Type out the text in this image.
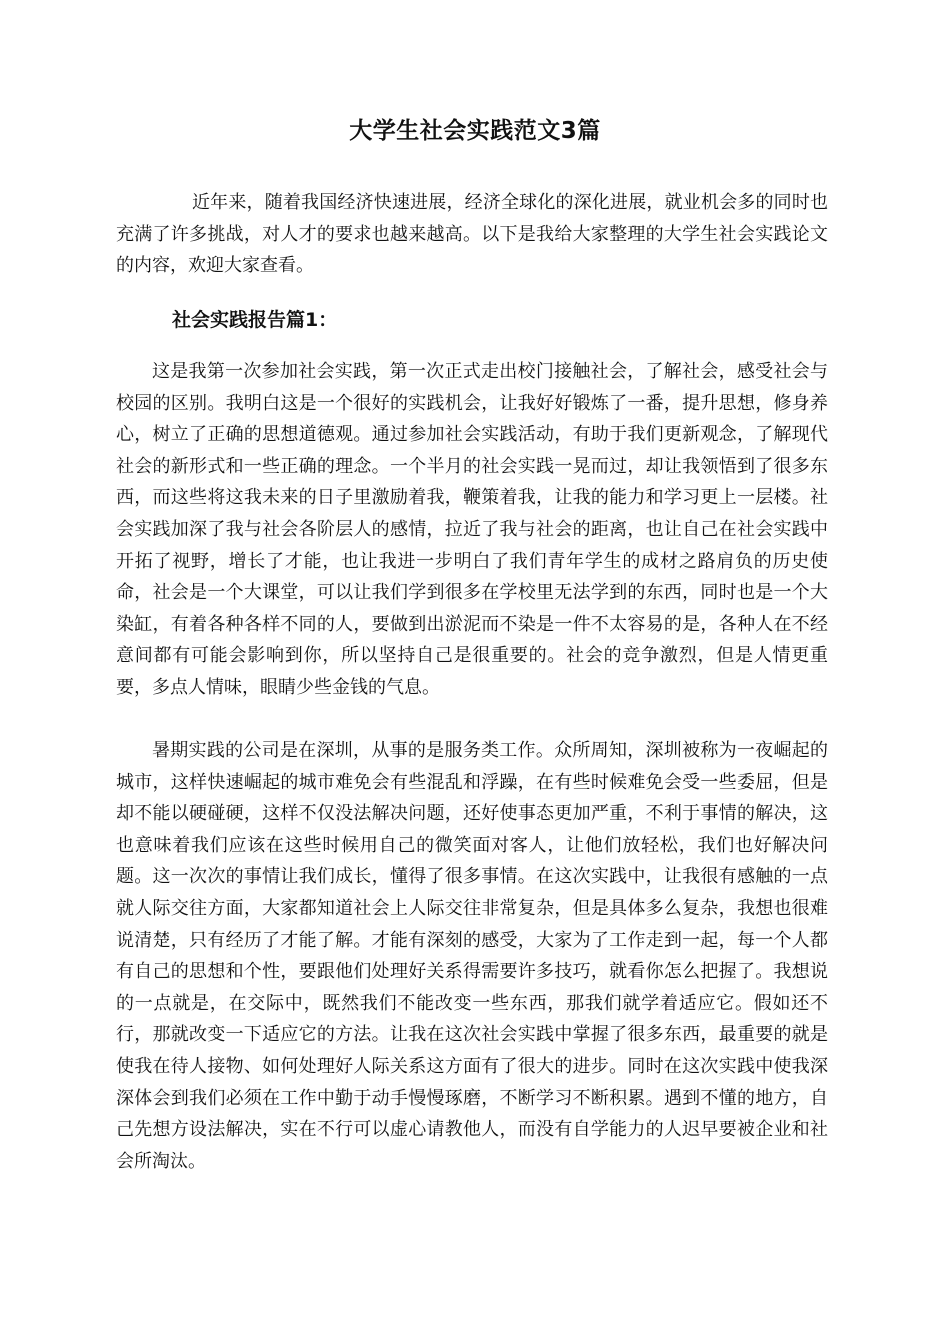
大学生社会实践范文3篇

近年来，随着我国经济快速进展，经济全球化的深化进展，就业机会多的同时也充满了许多挑战，对人才的要求也越来越高。以下是我给大家整理的大学生社会实践论文的内容，欢迎大家查看。

社会实践报告篇1：

这是我第一次参加社会实践，第一次正式走出校门接触社会，了解社会，感受社会与校园的区别。我明白这是一个很好的实践机会，让我好好锻炼了一番，提升思想，修身养心，树立了正确的思想道德观。通过参加社会实践活动，有助于我们更新观念，了解现代社会的新形式和一些正确的理念。一个半月的社会实践一晃而过，却让我领悟到了很多东西，而这些将这我未来的日子里激励着我，鞭策着我，让我的能力和学习更上一层楼。社会实践加深了我与社会各阶层人的感情，拉近了我与社会的距离，也让自己在社会实践中开拓了视野，增长了才能，也让我进一步明白了我们青年学生的成材之路肩负的历史使命，社会是一个大课堂，可以让我们学到很多在学校里无法学到的东西，同时也是一个大染缸，有着各种各样不同的人，要做到出淤泥而不染是一件不太容易的是，各种人在不经意间都有可能会影响到你，所以坚持自己是很重要的。社会的竞争激烈，但是人情更重要，多点人情味，眼睛少些金钱的气息。

暑期实践的公司是在深圳，从事的是服务类工作。众所周知，深圳被称为一夜崛起的城市，这样快速崛起的城市难免会有些混乱和浮躁，在有些时候难免会受一些委屈，但是却不能以硬碰硬，这样不仅没法解决问题，还好使事态更加严重，不利于事情的解决，这也意味着我们应该在这些时候用自己的微笑面对客人，让他们放轻松，我们也好解决问题。这一次次的事情让我们成长，懂得了很多事情。在这次实践中，让我很有感触的一点就人际交往方面，大家都知道社会上人际交往非常复杂，但是具体多么复杂，我想也很难说清楚，只有经历了才能了解。才能有深刻的感受，大家为了工作走到一起，每一个人都有自己的思想和个性，要跟他们处理好关系得需要许多技巧，就看你怎么把握了。我想说的一点就是，在交际中，既然我们不能改变一些东西，那我们就学着适应它。假如还不行，那就改变一下适应它的方法。让我在这次社会实践中掌握了很多东西，最重要的就是使我在待人接物、如何处理好人际关系这方面有了很大的进步。同时在这次实践中使我深深体会到我们必须在工作中勤于动手慢慢琢磨，不断学习不断积累。遇到不懂的地方，自己先想方设法解决，实在不行可以虚心请教他人，而没有自学能力的人迟早要被企业和社会所淘汰。
